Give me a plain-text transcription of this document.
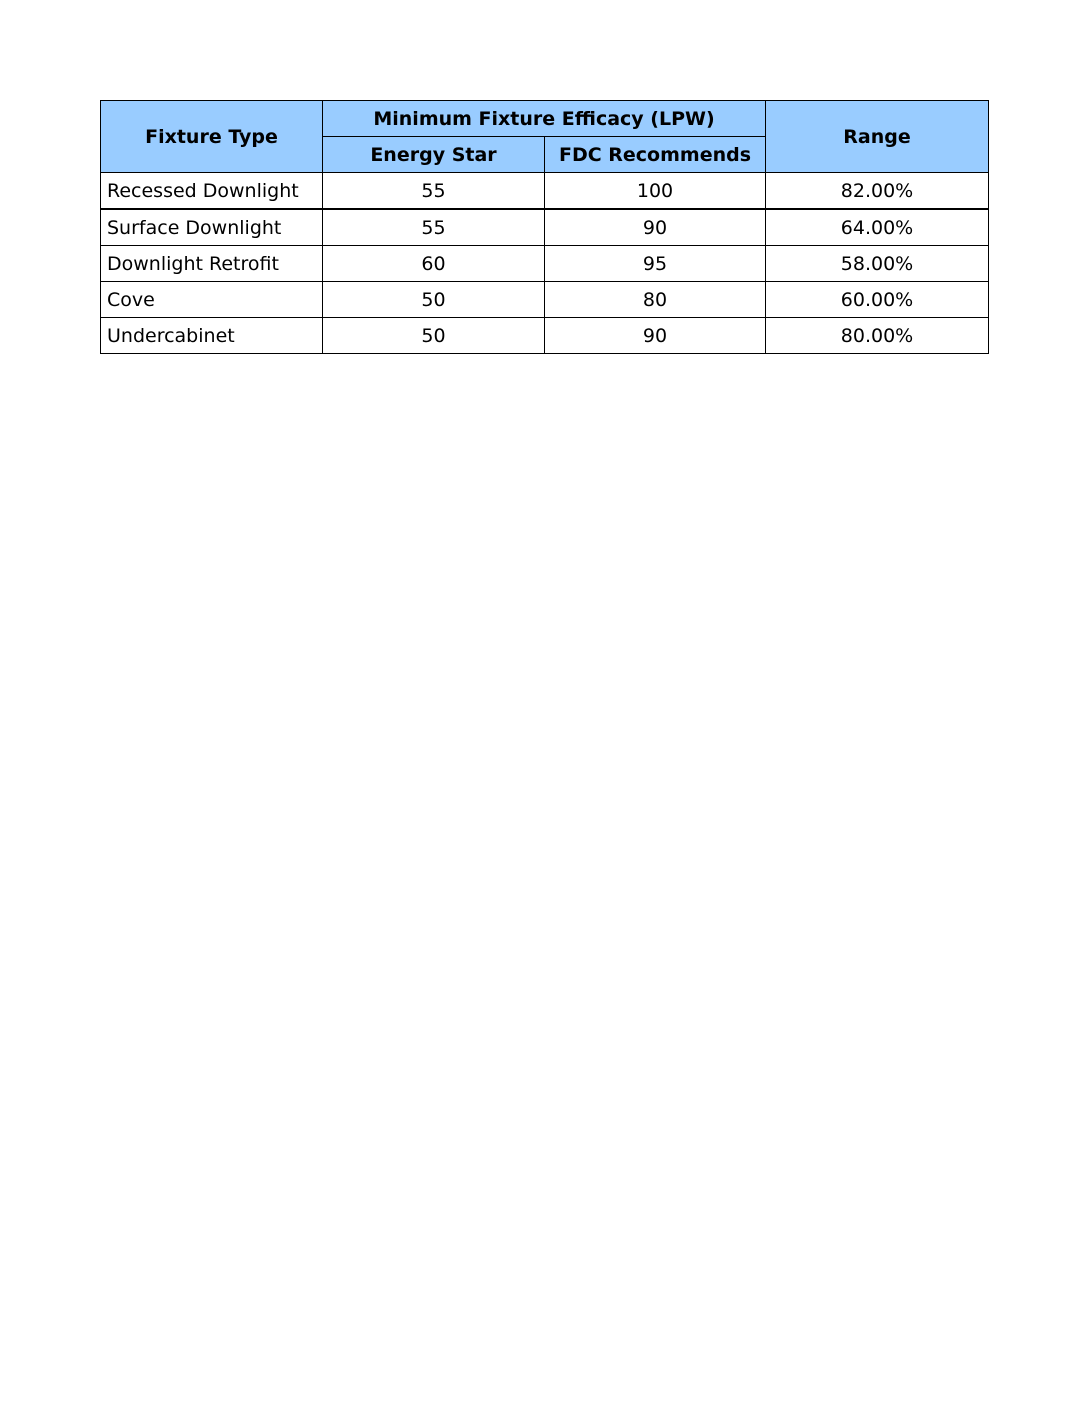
Fixture Type	Minimum Fixture Efficacy (LPW)		Range
	Energy Star	FDC Recommends	
Recessed Downlight	55	100	82.00%
Surface Downlight	55	90	64.00%
Downlight Retrofit	60	95	58.00%
Cove	50	80	60.00%
Undercabinet	50	90	80.00%
